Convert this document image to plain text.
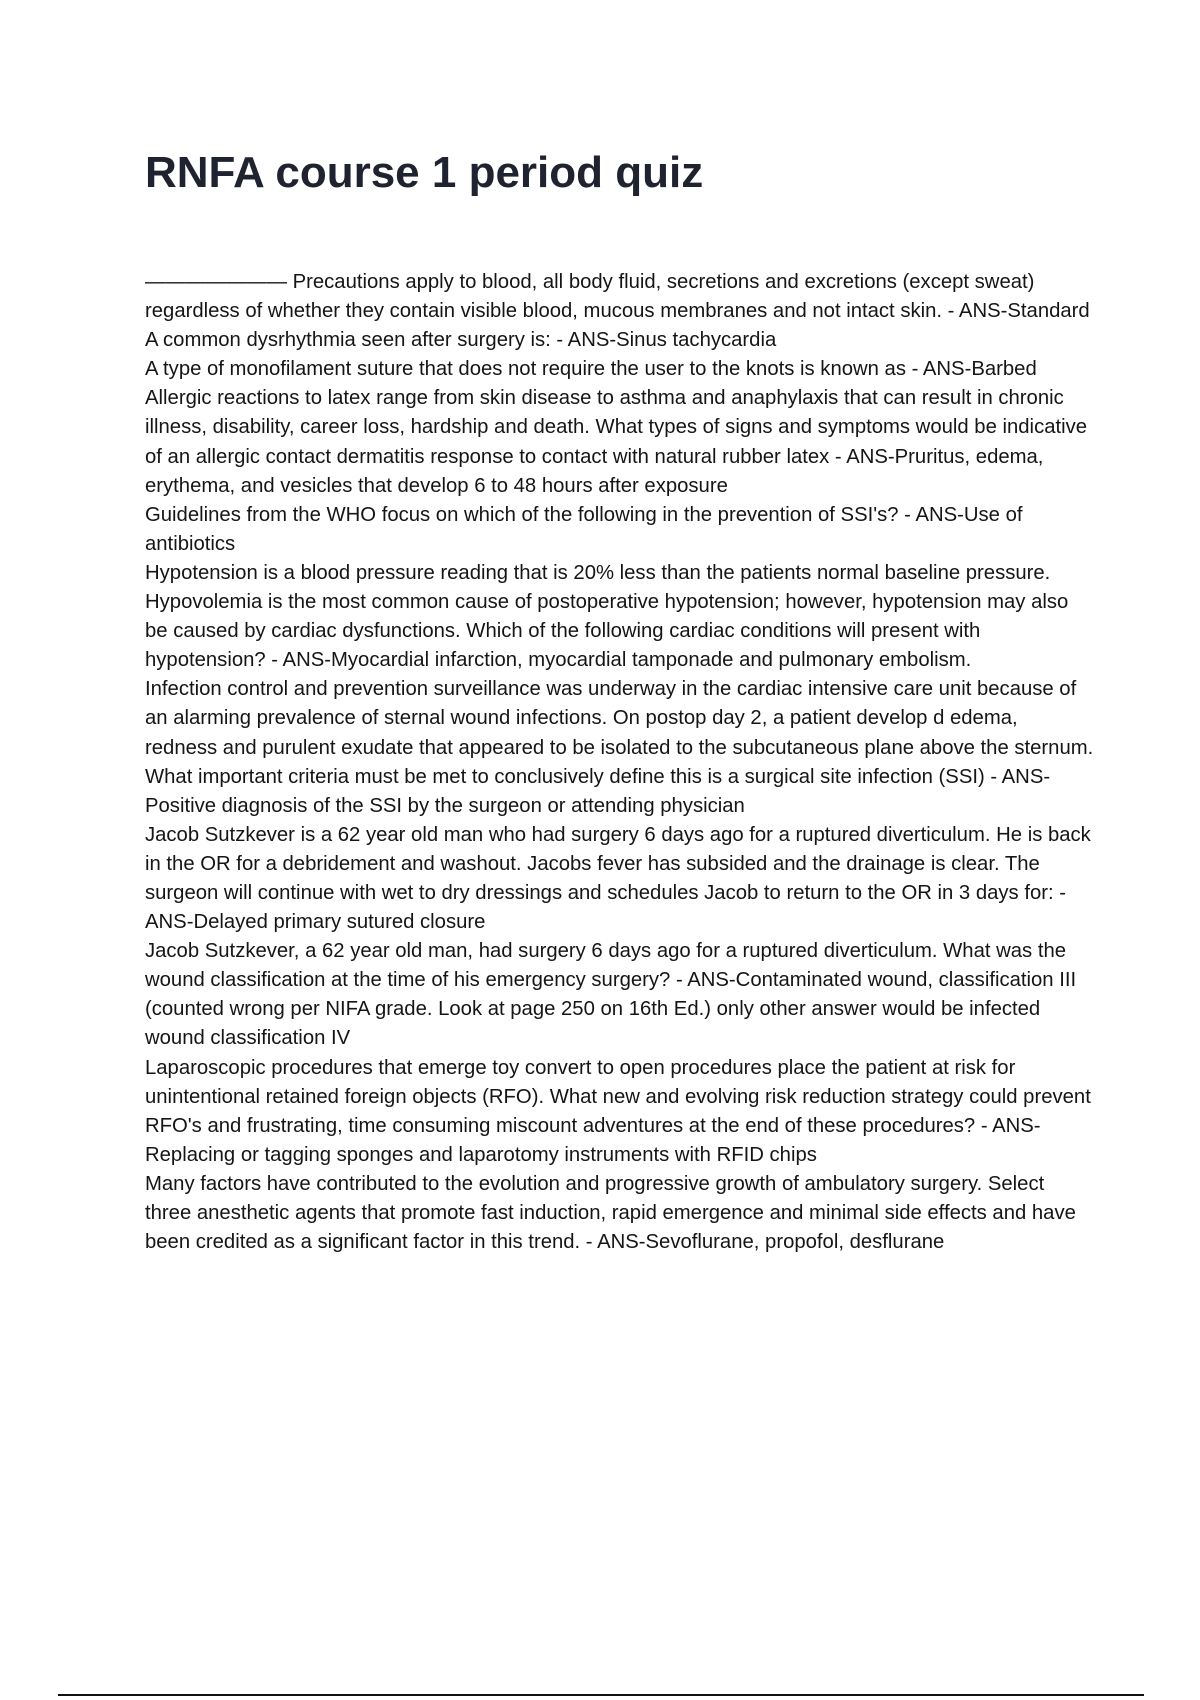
RNFA course 1 period quiz

——————— Precautions apply to blood, all body fluid, secretions and excretions (except sweat) regardless of whether they contain visible blood, mucous membranes and not intact skin. - ANS-Standard

A common dysrhythmia seen after surgery is: - ANS-Sinus tachycardia

A type of monofilament suture that does not require the user to the knots is known as - ANS-Barbed

Allergic reactions to latex range from skin disease to asthma and anaphylaxis that can result in chronic illness, disability, career loss, hardship and death. What types of signs and symptoms would be indicative of an allergic contact dermatitis response to contact with natural rubber latex - ANS-Pruritus, edema, erythema, and vesicles that develop 6 to 48 hours after exposure

Guidelines from the WHO focus on which of the following in the prevention of SSI's? - ANS-Use of antibiotics

Hypotension is a blood pressure reading that is 20% less than the patients normal baseline pressure. Hypovolemia is the most common cause of postoperative hypotension; however, hypotension may also be caused by cardiac dysfunctions. Which of the following cardiac conditions will present with hypotension? - ANS-Myocardial infarction, myocardial tamponade and pulmonary embolism.

Infection control and prevention surveillance was underway in the cardiac intensive care unit because of an alarming prevalence of sternal wound infections. On postop day 2, a patient develop d edema, redness and purulent exudate that appeared to be isolated to the subcutaneous plane above the sternum. What important criteria must be met to conclusively define this is a surgical site infection (SSI) - ANS-Positive diagnosis of the SSI by the surgeon or attending physician

Jacob Sutzkever is a 62 year old man who had surgery 6 days ago for a ruptured diverticulum. He is back in the OR for a debridement and washout. Jacobs fever has subsided and the drainage is clear. The surgeon will continue with wet to dry dressings and schedules Jacob to return to the OR in 3 days for: - ANS-Delayed primary sutured closure

Jacob Sutzkever, a 62 year old man, had surgery 6 days ago for a ruptured diverticulum. What was the wound classification at the time of his emergency surgery? - ANS-Contaminated wound, classification III (counted wrong per NIFA grade. Look at page 250 on 16th Ed.) only other answer would be infected wound classification IV

Laparoscopic procedures that emerge toy convert to open procedures place the patient at risk for unintentional retained foreign objects (RFO). What new and evolving risk reduction strategy could prevent RFO's and frustrating, time consuming miscount adventures at the end of these procedures? - ANS-Replacing or tagging sponges and laparotomy instruments with RFID chips

Many factors have contributed to the evolution and progressive growth of ambulatory surgery. Select three anesthetic agents that promote fast induction, rapid emergence and minimal side effects and have been credited as a significant factor in this trend. - ANS-Sevoflurane, propofol, desflurane
